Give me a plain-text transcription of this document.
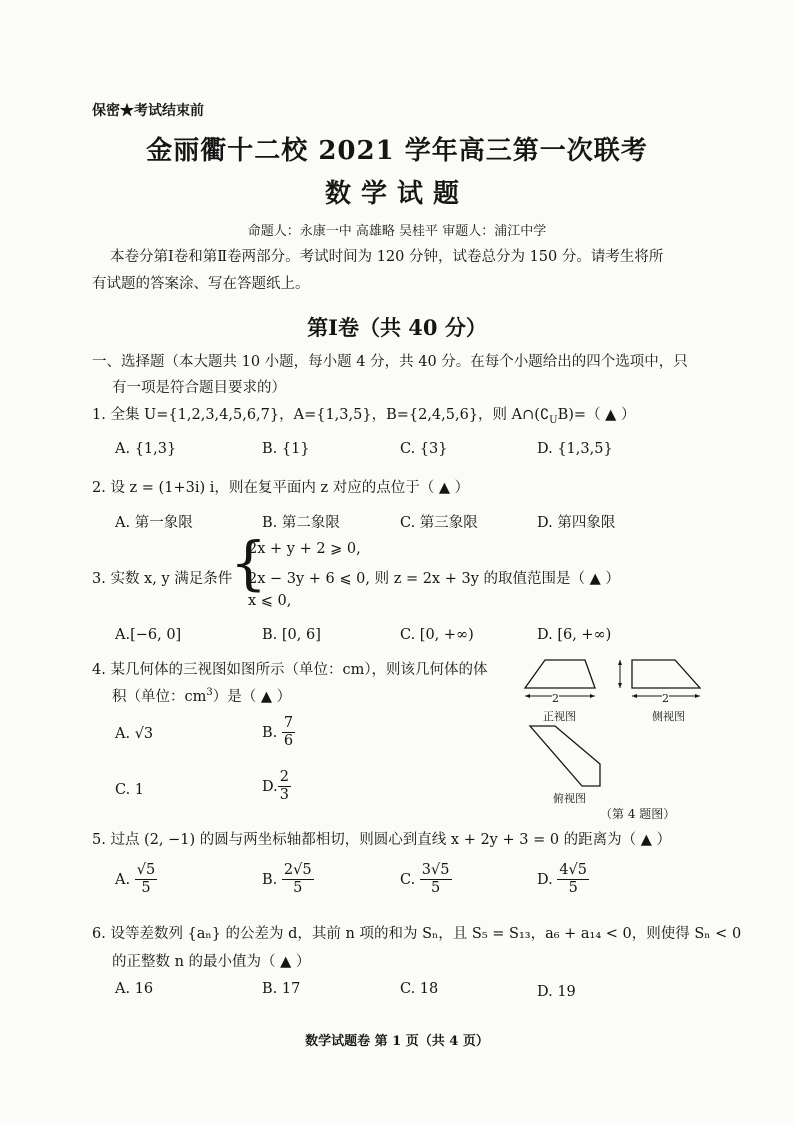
保密★考试结束前
金丽衢十二校 2021 学年高三第一次联考
数学试题
命题人：永康一中 高雄略 吴桂平 审题人：浦江中学
本卷分第Ⅰ卷和第Ⅱ卷两部分。考试时间为 120 分钟，试卷总分为 150 分。请考生将所
有试题的答案涂、写在答题纸上。
第Ⅰ卷（共 40 分）
一、选择题（本大题共 10 小题，每小题 4 分，共 40 分。在每个小题给出的四个选项中，只
有一项是符合题目要求的）
1. 全集 U={1,2,3,4,5,6,7}，A={1,3,5}，B={2,4,5,6}，则 $A\cap(∁_UB)=$（ ▲ ）
A. {1,3}	B. {1}	C. {3}	D. {1,3,5}
2. 设 z = (1+3i) i，则在复平面内 z 对应的点位于（ ▲ ）
A. 第一象限	B. 第二象限	C. 第三象限	D. 第四象限
3. 实数 x, y 满足条件
{
2x + y + 2 ⩾ 0,
2x − 3y + 6 ⩽ 0, 则 z = 2x + 3y 的取值范围是（ ▲ ）
x ⩽ 0,
A.[−6, 0]	B. [0, 6]	C. [0, +∞)	D. [6, +∞)
4. 某几何体的三视图如图所示（单位：cm），则该几何体的体
积（单位：$cm^3$）是（ ▲ ）
A. √3	B. $\frac{7}{6}$
C. 1	D. $\frac{2}{3}$
2	2
正视图	侧视图
俯视图
（第 4 题图）
5. 过点 (2, −1) 的圆与两坐标轴都相切，则圆心到直线 x + 2y + 3 = 0 的距离为（ ▲ ）
A. $\frac{√5}{5}$	B. $\frac{2√5}{5}$	C. $\frac{3√5}{5}$	D. $\frac{4√5}{5}$
6. 设等差数列 {aₙ} 的公差为 d，其前 n 项的和为 Sₙ，且 S₅ = S₁₃，a₆ + a₁₄ < 0，则使得 Sₙ < 0
的正整数 n 的最小值为（ ▲ ）
A. 16	B. 17	C. 18	D. 19
数学试题卷 第 1 页（共 4 页）
